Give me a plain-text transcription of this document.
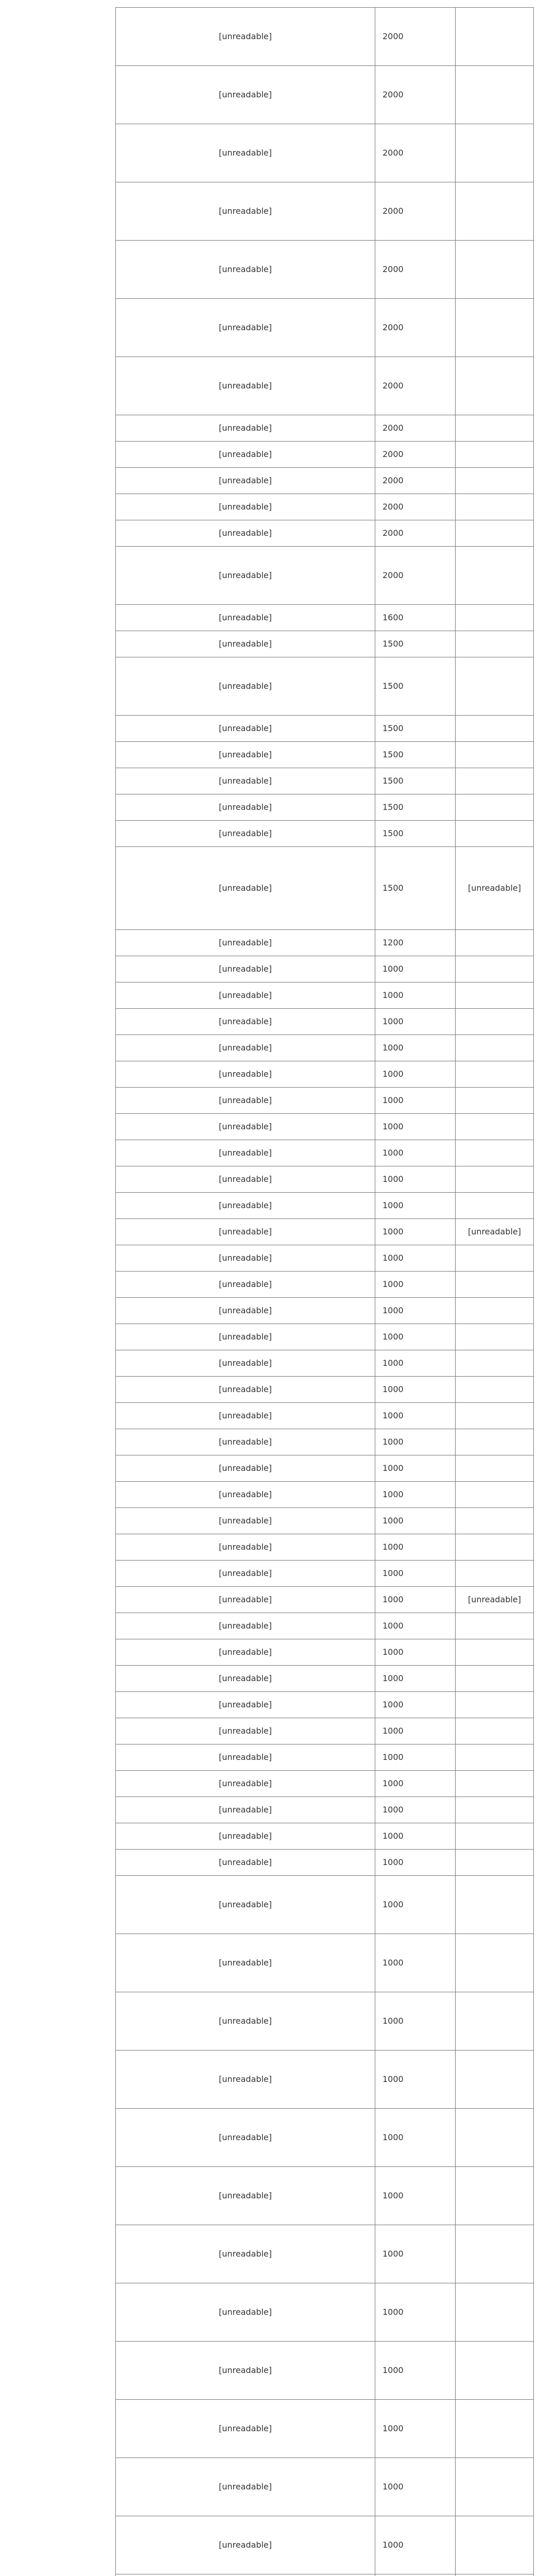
[unreadable]	2000	
[unreadable]	2000	
[unreadable]	2000	
[unreadable]	2000	
[unreadable]	2000	
[unreadable]	2000	
[unreadable]	2000	
[unreadable]	2000	
[unreadable]	2000	
[unreadable]	2000	
[unreadable]	2000	
[unreadable]	2000	
[unreadable]	2000	
[unreadable]	1600	
[unreadable]	1500	
[unreadable]	1500	
[unreadable]	1500	
[unreadable]	1500	
[unreadable]	1500	
[unreadable]	1500	
[unreadable]	1500	
[unreadable]	1500	[unreadable]
[unreadable]	1200	
[unreadable]	1000	
[unreadable]	1000	
[unreadable]	1000	
[unreadable]	1000	
[unreadable]	1000	
[unreadable]	1000	
[unreadable]	1000	
[unreadable]	1000	
[unreadable]	1000	
[unreadable]	1000	
[unreadable]	1000	[unreadable]
[unreadable]	1000	
[unreadable]	1000	
[unreadable]	1000	
[unreadable]	1000	
[unreadable]	1000	
[unreadable]	1000	
[unreadable]	1000	
[unreadable]	1000	
[unreadable]	1000	
[unreadable]	1000	
[unreadable]	1000	
[unreadable]	1000	
[unreadable]	1000	
[unreadable]	1000	[unreadable]
[unreadable]	1000	
[unreadable]	1000	
[unreadable]	1000	
[unreadable]	1000	
[unreadable]	1000	
[unreadable]	1000	
[unreadable]	1000	
[unreadable]	1000	
[unreadable]	1000	
[unreadable]	1000	
[unreadable]	1000	
[unreadable]	1000	
[unreadable]	1000	
[unreadable]	1000	
[unreadable]	1000	
[unreadable]	1000	
[unreadable]	1000	
[unreadable]	1000	
[unreadable]	1000	
[unreadable]	1000	
[unreadable]	1000	
[unreadable]	1000	
